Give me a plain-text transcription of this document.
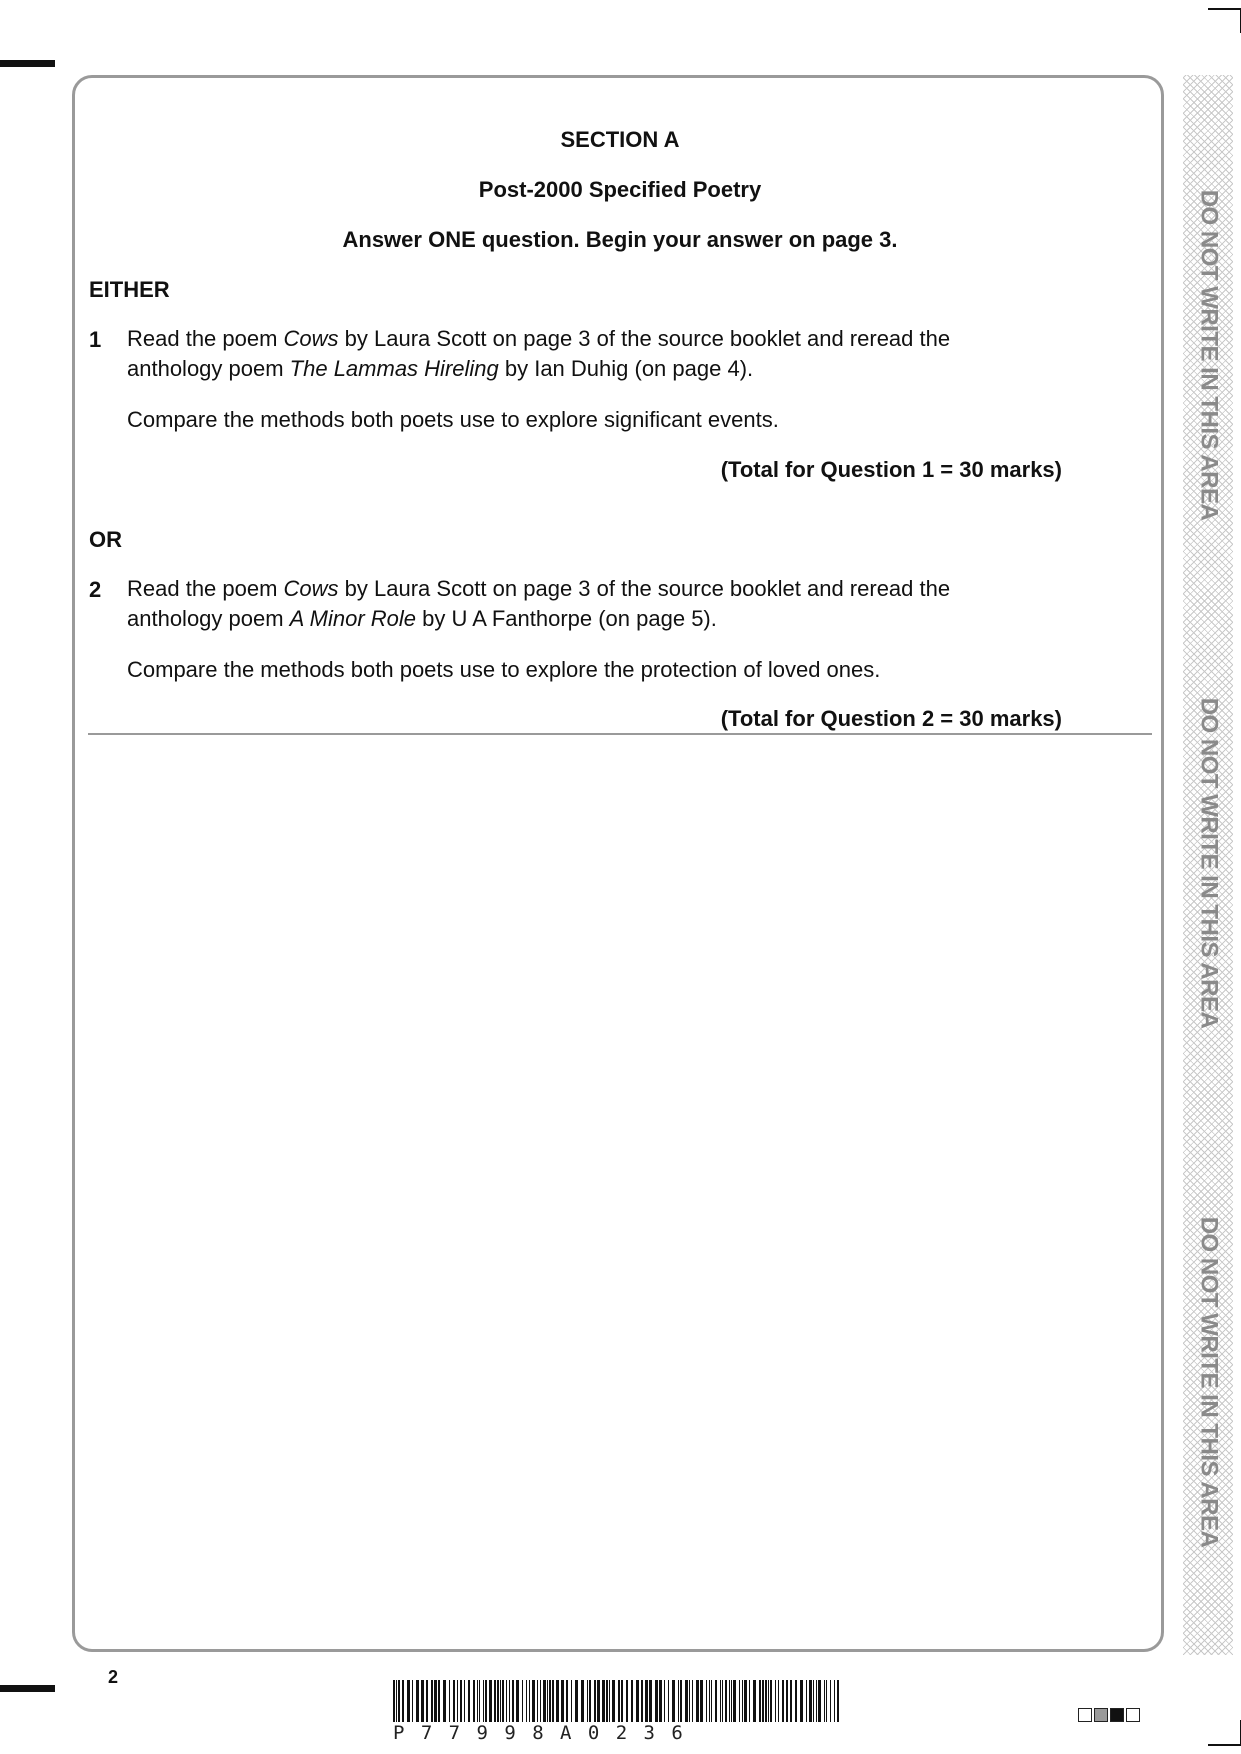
DO NOT WRITE IN THIS AREA
DO NOT WRITE IN THIS AREA
DO NOT WRITE IN THIS AREA
SECTION A
Post-2000 Specified Poetry
Answer ONE question. Begin your answer on page 3.
EITHER
1 Read the poem Cows by Laura Scott on page 3 of the source booklet and reread the
anthology poem The Lammas Hireling by Ian Duhig (on page 4).
Compare the methods both poets use to explore significant events.
(Total for Question 1 = 30 marks)
OR
2 Read the poem Cows by Laura Scott on page 3 of the source booklet and reread the
anthology poem A Minor Role by U A Fanthorpe (on page 5).
Compare the methods both poets use to explore the protection of loved ones.
(Total for Question 2 = 30 marks)
2
P77998A0236
